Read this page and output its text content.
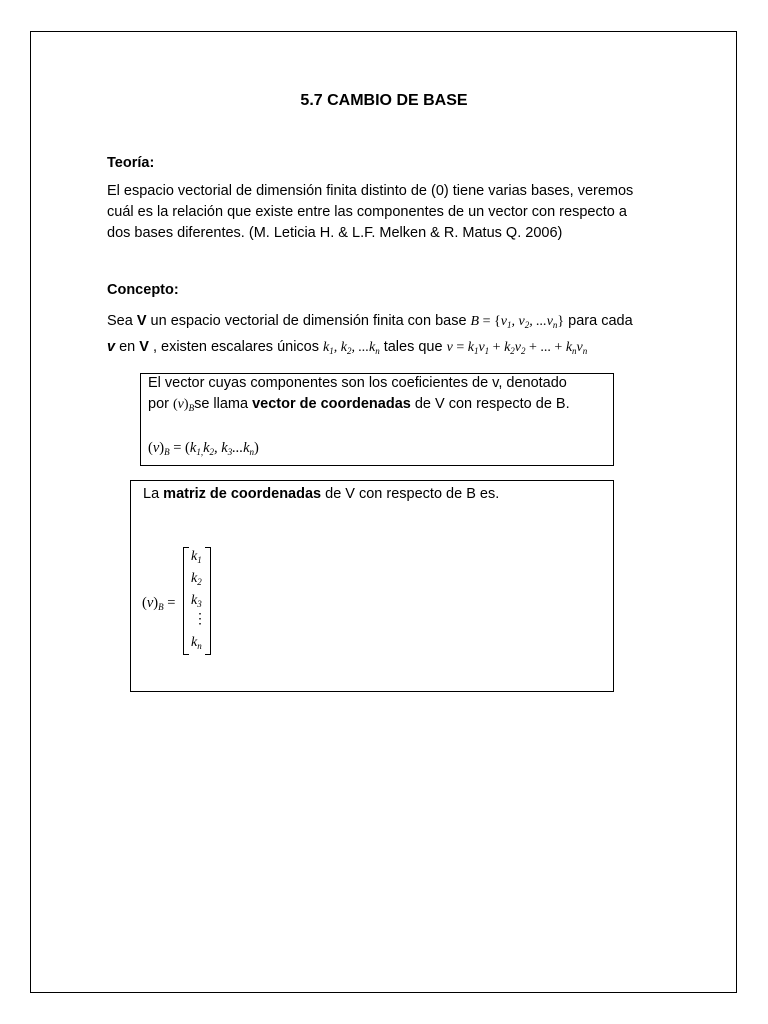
5.7 CAMBIO DE BASE
Teoría:
El espacio vectorial de dimensión finita distinto de (0) tiene varias bases, veremos
cuál es la relación que existe entre las componentes de un vector con respecto a
dos bases diferentes. (M. Leticia H. & L.F. Melken & R. Matus Q. 2006)
Concepto:
Sea V un espacio vectorial de dimensión finita con base $B = \{v_1$, $v_2$, $...v_n$} para cada
v en V , existen escalares únicos $k_1$, $k_2$, $...k_n$ tales que $v = k_1v_1 + k_2v_2$ + ... + $k_nv_n$
El vector cuyas componentes son los coeficientes de v, denotado
por $(v)_Bse$ llama vector de coordenadas de V con respecto de B.
$(v)_B = (k_{1,}k_2$, $k_3...k_n$)
La matriz de coordenadas de V con respecto de B es.
$(v)_B$ =
$k_1$
$k_2$
$k_3$
⋮
$k_n$
